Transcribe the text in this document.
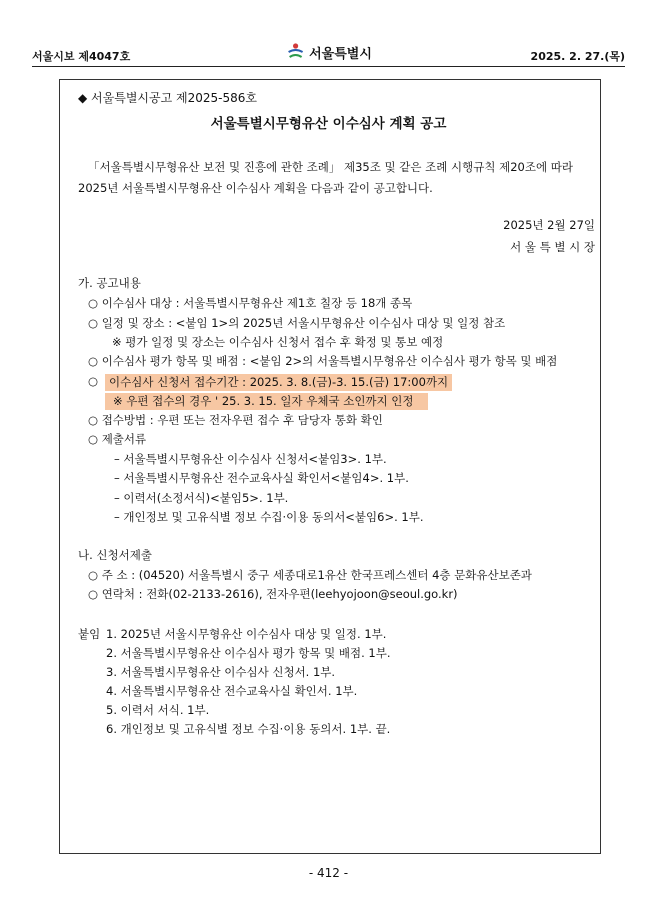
서울시보 제4047호	서울특별시	2025. 2. 27.(목)
◆ 서울특별시공고 제2025-586호
서울특별시무형유산 이수심사 계획 공고
「서울특별시무형유산 보전 및 진흥에 관한 조례」 제35조 및 같은 조례 시행규칙 제20조에 따라
2025년 서울특별시무형유산 이수심사 계획을 다음과 같이 공고합니다.
2025년 2월 27일
서 울 특 별 시 장
가. 공고내용
○ 이수심사 대상 : 서울특별시무형유산 제1호 칠장 등 18개 종목
○ 일정 및 장소 : <붙임 1>의 2025년 서울시무형유산 이수심사 대상 및 일정 참조
※ 평가 일정 및 장소는 이수심사 신청서 접수 후 확정 및 통보 예정
○ 이수심사 평가 항목 및 배점 : <붙임 2>의 서울특별시무형유산 이수심사 평가 항목 및 배점
○ 이수심사 신청서 접수기간 : 2025. 3. 8.(금)-3. 15.(금) 17:00까지
※ 우편 접수의 경우 ' 25. 3. 15. 일자 우체국 소인까지 인정
○ 접수방법 : 우편 또는 전자우편 접수 후 담당자 통화 확인
○ 제출서류
– 서울특별시무형유산 이수심사 신청서<붙임3>. 1부.
– 서울특별시무형유산 전수교육사실 확인서<붙임4>. 1부.
– 이력서(소정서식)<붙임5>. 1부.
– 개인정보 및 고유식별 정보 수집·이용 동의서<붙임6>. 1부.
나. 신청서제출
○ 주 소 : (04520) 서울특별시 중구 세종대로1유산 한국프레스센터 4층 문화유산보존과
○ 연락처 : 전화(02-2133-2616), 전자우편(leehyojoon@seoul.go.kr)
붙임 1. 2025년 서울시무형유산 이수심사 대상 및 일정. 1부.
2. 서울특별시무형유산 이수심사 평가 항목 및 배점. 1부.
3. 서울특별시무형유산 이수심사 신청서. 1부.
4. 서울특별시무형유산 전수교육사실 확인서. 1부.
5. 이력서 서식. 1부.
6. 개인정보 및 고유식별 정보 수집·이용 동의서. 1부. 끝.
- 412 -
